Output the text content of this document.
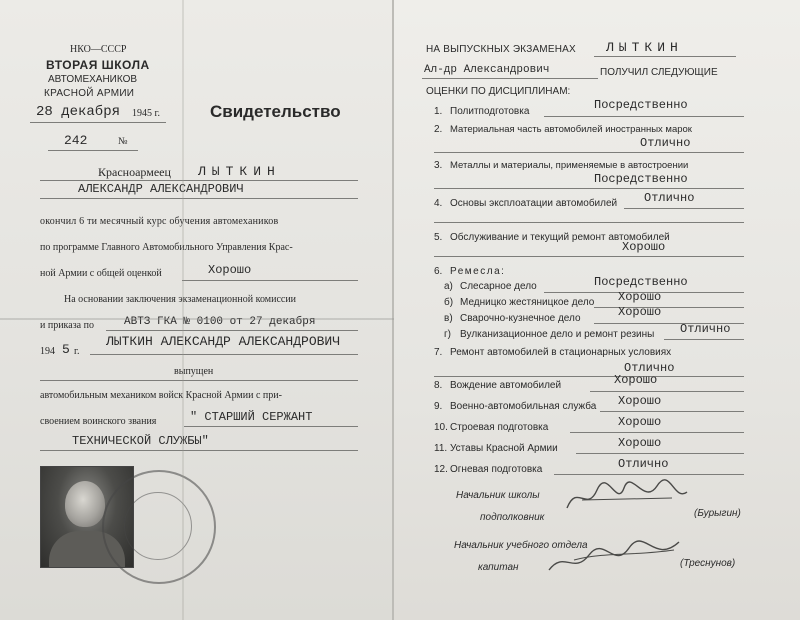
НКО—СССР
ВТОРАЯ ШКОЛА
АВТОМЕХАНИКОВ
КРАСНОЙ АРМИИ
28 декабря 1945 г.	Свидетельство
242	№
Красноармеец ЛЫТКИН
АЛЕКСАНДР АЛЕКСАНДРОВИЧ
окончил 6 ти месячный курс обучения автомехаников
по программе Главного Автомобильного Управления Крас-
ной Армии с общей оценкой	Хорошо
На основании заключения экзаменационной комиссии
и приказа по	АВТЗ ГКА № 0100 от 27 декабря
194 5 г.
ЛЫТКИН АЛЕКСАНДР АЛЕКСАНДРОВИЧ
выпущен
автомобильным механиком войск Красной Армии с при-
своением воинского звания	" СТАРШИЙ СЕРЖАНТ
ТЕХНИЧЕСКОЙ СЛУЖБЫ"
НА ВЫПУСКНЫХ ЭКЗАМЕНАХ ЛЫТКИН
Ал-др Александрович	ПОЛУЧИЛ СЛЕДУЮЩИЕ
ОЦЕНКИ ПО ДИСЦИПЛИНАМ:
1. Политподготовка	Посредственно
2. Материальная часть автомобилей иностранных марок
Отлично
3. Металлы и материалы, применяемые в автостроении
Посредственно
4. Основы эксплоатации автомобилей Отлично
5. Обслуживание и текущий ремонт автомобилей
Хорошо
6. Ремесла:
а) Слесарное дело	Посредственно
б) Медницко жестяницкое дело Хорошо
в) Сварочно-кузнечное дело	Хорошо
г) Вулканизационное дело и ремонт резины Отлично
7. Ремонт автомобилей в стационарных условиях
Отлично
8. Вождение автомобилей	Хорошо
9. Военно-автомобильная служба Хорошо
10. Строевая подготовка	Хорошо
11. Уставы Красной Армии	Хорошо
12. Огневая подготовка	Отлично
Начальник школы
подполковник	(Бурыгин)
Начальник учебного отдела
капитан	(Треснунов)
